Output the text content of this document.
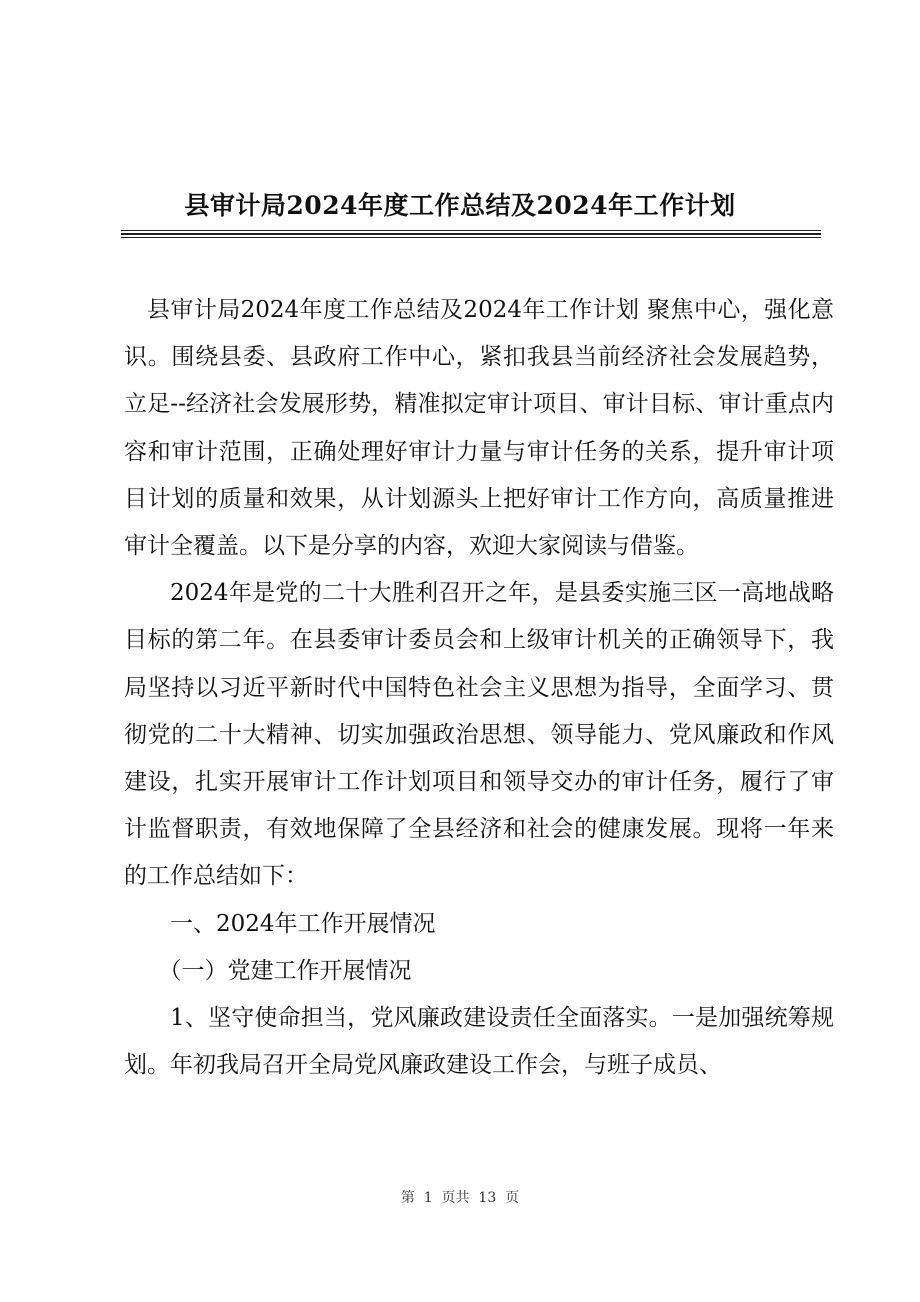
县审计局2024年度工作总结及2024年工作计划

县审计局2024年度工作总结及2024年工作计划 聚焦中心，强化意识。围绕县委、县政府工作中心，紧扣我县当前经济社会发展趋势，立足--经济社会发展形势，精准拟定审计项目、审计目标、审计重点内容和审计范围，正确处理好审计力量与审计任务的关系，提升审计项目计划的质量和效果，从计划源头上把好审计工作方向，高质量推进审计全覆盖。以下是分享的内容，欢迎大家阅读与借鉴。

2024年是党的二十大胜利召开之年，是县委实施三区一高地战略目标的第二年。在县委审计委员会和上级审计机关的正确领导下，我局坚持以习近平新时代中国特色社会主义思想为指导，全面学习、贯彻党的二十大精神、切实加强政治思想、领导能力、党风廉政和作风建设，扎实开展审计工作计划项目和领导交办的审计任务，履行了审计监督职责，有效地保障了全县经济和社会的健康发展。现将一年来的工作总结如下：

一、2024年工作开展情况

（一）党建工作开展情况

1、坚守使命担当，党风廉政建设责任全面落实。一是加强统筹规划。年初我局召开全局党风廉政建设工作会，与班子成员、

第  1  页共  13  页
